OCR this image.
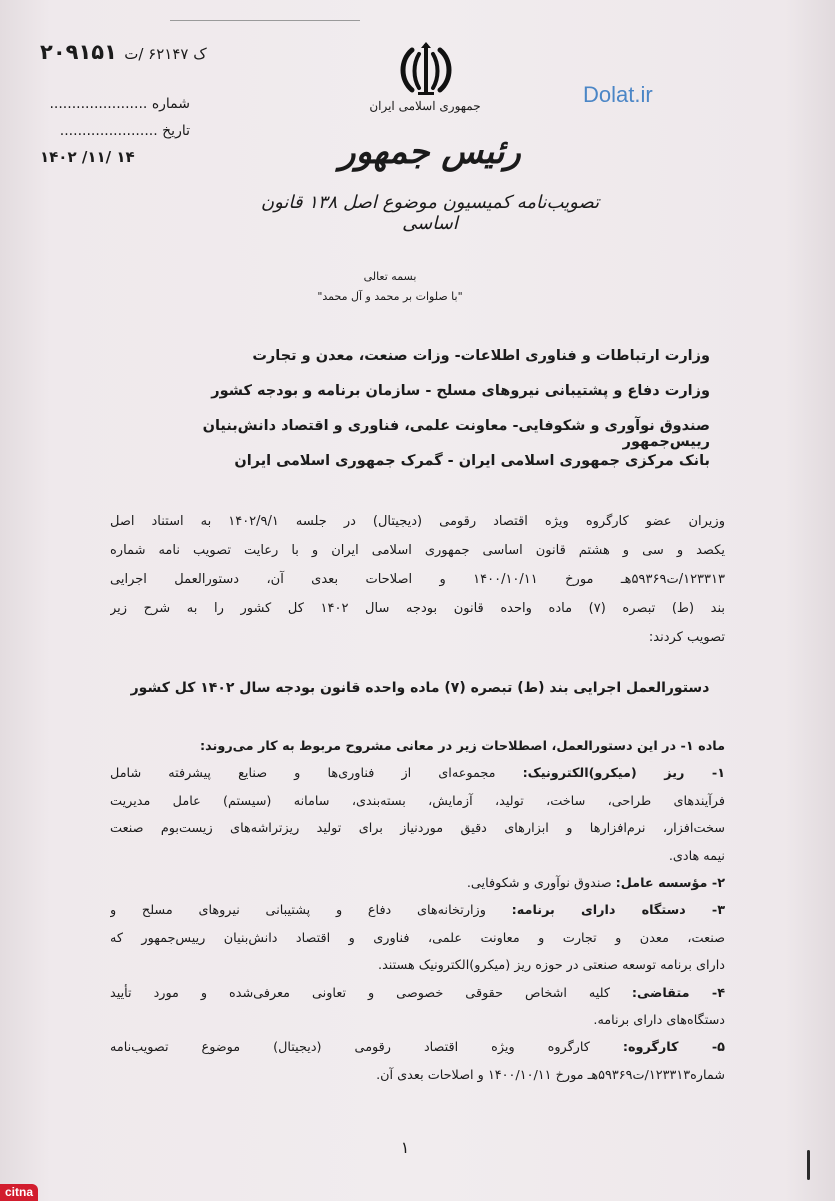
ک ۶۲۱۴۷ /ت ۲۰۹۱۵۱
شماره ......................
تاریخ ......................
۱۴۰۲ /۱۱/ ۱۴
جمهوری اسلامی ایران
رئیس جمهور
تصویب‌نامه کمیسیون موضوع اصل ۱۳۸ قانون اساسی
Dolat.ir
بسمه تعالی
"با صلوات بر محمد و آل محمد"
وزارت ارتباطات و فناوری اطلاعات- وزات صنعت، معدن و تجارت
وزارت دفاع و پشتیبانی نیروهای مسلح - سازمان برنامه و بودجه کشور
صندوق نوآوری و شکوفایی- معاونت علمی، فناوری و اقتصاد دانش‌بنیان رییس‌جمهور
بانک مرکزی جمهوری اسلامی ایران - گمرک جمهوری اسلامی ایران
وزیران عضو کارگروه ویژه اقتصاد رقومی (دیجیتال) در جلسه ۱۴۰۲/۹/۱ به استناد اصل
یکصد و سی و هشتم قانون اساسی جمهوری اسلامی ایران و با رعایت تصویب نامه شماره
۱۲۳۳۱۳/ت۵۹۳۶۹هـ مورخ ۱۴۰۰/۱۰/۱۱ و اصلاحات بعدی آن، دستورالعمل اجرایی
بند (ط) تبصره (۷) ماده واحده قانون بودجه سال ۱۴۰۲ کل کشور را به شرح زیر
تصویب کردند:
دستورالعمل اجرایی بند (ط) تبصره (۷) ماده واحده قانون بودجه سال ۱۴۰۲ کل کشور
ماده ۱- در این دستورالعمل، اصطلاحات زیر در معانی مشروح مربوط به کار می‌روند:
۱- ریز (میکرو)الکترونیک: مجموعه‌ای از فناوری‌ها و صنایع پیشرفته شامل
فرآیندهای طراحی، ساخت، تولید، آزمایش، بسته‌بندی، سامانه (سیستم) عامل مدیریت
سخت‌افزار، نرم‌افزارها و ابزارهای دقیق موردنیاز برای تولید ریزتراشه‌های زیست‌بوم صنعت
نیمه هادی.
۲- مؤسسه عامل: صندوق نوآوری و شکوفایی.
۳- دستگاه دارای برنامه: وزارتخانه‌های دفاع و پشتیبانی نیروهای مسلح و
صنعت، معدن و تجارت و معاونت علمی، فناوری و اقتصاد دانش‌بنیان رییس‌جمهور که
دارای برنامه توسعه صنعتی در حوزه ریز (میکرو)الکترونیک هستند.
۴- متقاضی: کلیه اشخاص حقوقی خصوصی و تعاونی معرفی‌شده و مورد تأیید
دستگاه‌های دارای برنامه.
۵- کارگروه: کارگروه ویژه اقتصاد رقومی (دیجیتال) موضوع تصویب‌نامه
شماره۱۲۳۳۱۳/ت۵۹۳۶۹هـ مورخ ۱۴۰۰/۱۰/۱۱ و اصلاحات بعدی آن.
۱
citna
